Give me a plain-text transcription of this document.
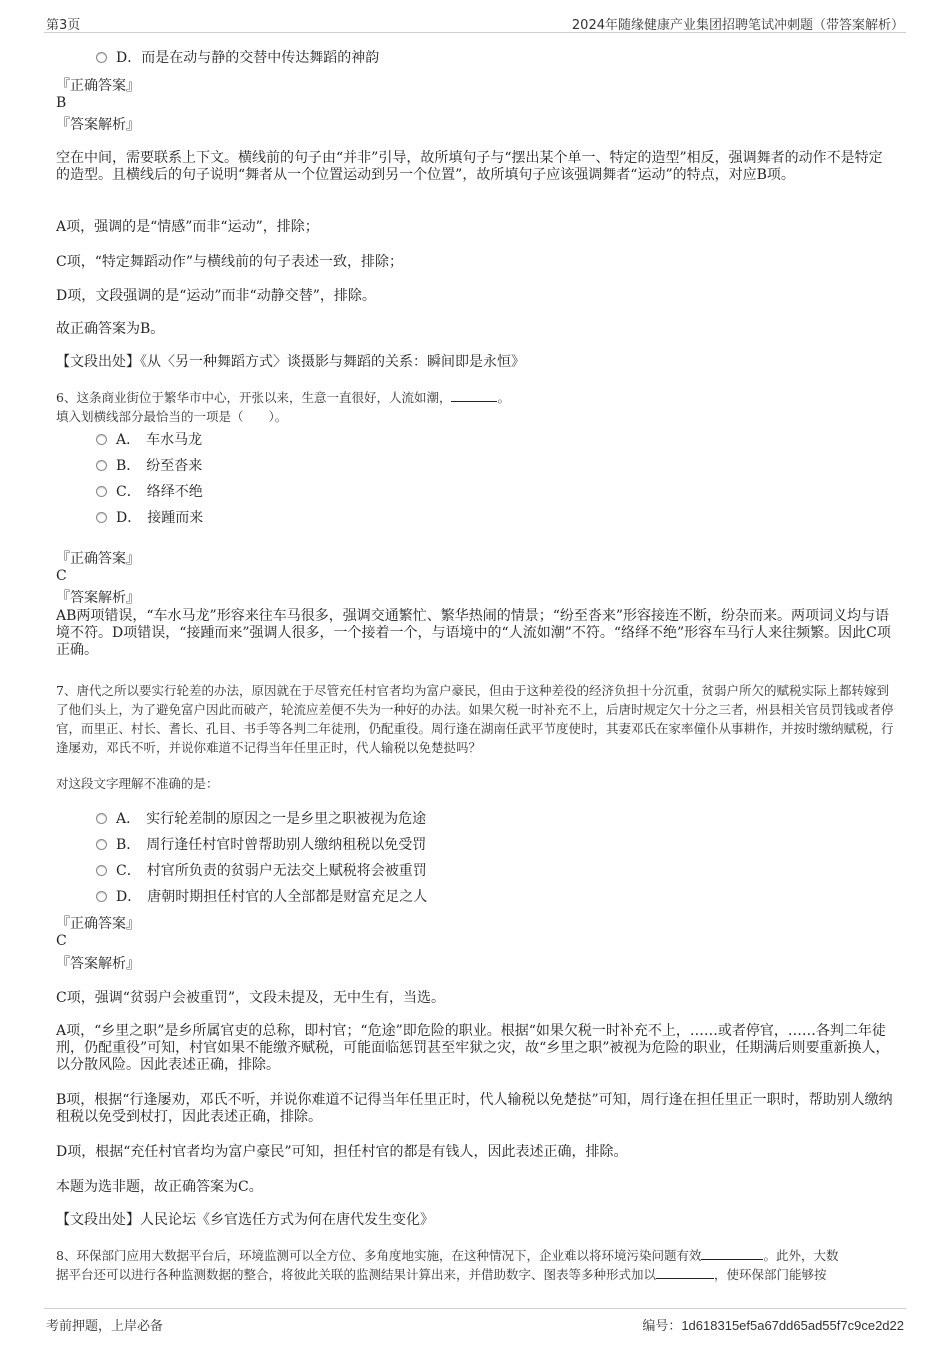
第3页	2024年随缘健康产业集团招聘笔试冲刺题（带答案解析）
D．而是在动与静的交替中传达舞蹈的神韵
『正确答案』
B
『答案解析』
空在中间，需要联系上下文。横线前的句子由“并非”引导，故所填句子与“摆出某个单一、特定的造型”相反，强调舞者的动作不是特定的造型。且横线后的句子说明“舞者从一个位置运动到另一个位置”，故所填句子应该强调舞者“运动”的特点，对应B项。
A项，强调的是“情感”而非“运动”，排除；
C项，“特定舞蹈动作”与横线前的句子表述一致，排除；
D项，文段强调的是“运动”而非“动静交替”，排除。
故正确答案为B。
【文段出处】《从〈另一种舞蹈方式〉谈摄影与舞蹈的关系：瞬间即是永恒》
6、这条商业街位于繁华市中心，开张以来，生意一直很好，人流如潮，	。
填入划横线部分最恰当的一项是（　　）。
A． 车水马龙
B． 纷至沓来
C． 络绎不绝
D． 接踵而来
『正确答案』
C
『答案解析』
AB两项错误，“车水马龙”形容来往车马很多，强调交通繁忙、繁华热闹的情景；“纷至沓来”形容接连不断，纷杂而来。两项词义均与语境不符。D项错误，“接踵而来”强调人很多，一个接着一个，与语境中的“人流如潮”不符。“络绎不绝”形容车马行人来往频繁。因此C项正确。
7、唐代之所以要实行轮差的办法，原因就在于尽管充任村官者均为富户豪民，但由于这种差役的经济负担十分沉重，贫弱户所欠的赋税实际上都转嫁到了他们头上，为了避免富户因此而破产，轮流应差便不失为一种好的办法。如果欠税一时补充不上，后唐时规定欠十分之三者，州县相关官员罚钱或者停官，而里正、村长、耆长、孔目、书手等各判二年徒刑，仍配重役。周行逢在湖南任武平节度使时，其妻邓氏在家率僮仆从事耕作，并按时缴纳赋税，行逢屡劝，邓氏不听，并说你难道不记得当年任里正时，代人输税以免楚挞吗？
对这段文字理解不准确的是：
A． 实行轮差制的原因之一是乡里之职被视为危途
B． 周行逢任村官时曾帮助别人缴纳租税以免受罚
C． 村官所负责的贫弱户无法交上赋税将会被重罚
D． 唐朝时期担任村官的人全部都是财富充足之人
『正确答案』
C
『答案解析』
C项，强调“贫弱户会被重罚”，文段未提及，无中生有，当选。
A项，“乡里之职”是乡所属官吏的总称，即村官；“危途”即危险的职业。根据“如果欠税一时补充不上，……或者停官，……各判二年徒刑，仍配重役”可知，村官如果不能缴齐赋税，可能面临惩罚甚至牢狱之灾，故“乡里之职”被视为危险的职业，任期满后则要重新换人，以分散风险。因此表述正确，排除。
B项，根据“行逢屡劝，邓氏不听，并说你难道不记得当年任里正时，代人输税以免楚挞”可知，周行逢在担任里正一职时，帮助别人缴纳租税以免受到杖打，因此表述正确，排除。
D项，根据“充任村官者均为富户豪民”可知，担任村官的都是有钱人，因此表述正确，排除。
本题为选非题，故正确答案为C。
【文段出处】人民论坛《乡官选任方式为何在唐代发生变化》
8、环保部门应用大数据平台后，环境监测可以全方位、多角度地实施，在这种情况下，企业难以将环境污染问题有效	。此外，大数
据平台还可以进行各种监测数据的整合，将彼此关联的监测结果计算出来，并借助数字、图表等多种形式加以	，使环保部门能够按
考前押题，上岸必备	编号：1d618315ef5a67dd65ad55f7c9ce2d22
